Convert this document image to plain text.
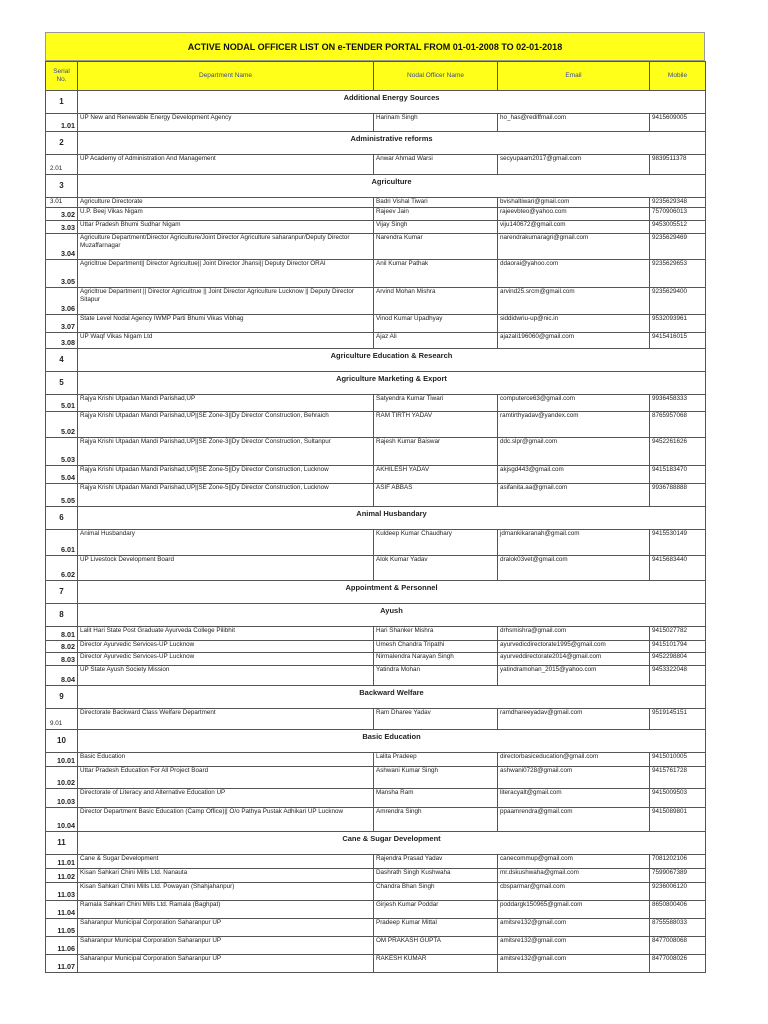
ACTIVE NODAL OFFICER LIST ON e-TENDER PORTAL FROM 01-01-2008 TO 02-01-2018
Serial No.	Department Name	Nodal Officer Name	Email	Mobile
1	Additional Energy Sources			
1.01	UP New and Renewable Energy Development Agency	Harinam Singh	ho_has@rediffmail.com	9415609005
2	Administrative reforms			
2.01	UP Academy of Administration And Management	Anwar Ahmad Warsi	secyupaam2017@gmail.com	9839511378
3	Agriculture			
3.01	Agriculture Directorate	Badri Vishal Tiwari	bvishaltiwari@gmail.com	9235629348
3.02	U.P. Beej Vikas Nigam	Rajeev Jain	rajeevbteo@yahoo.com	7570906013
3.03	Uttar Pradesh Bhumi Sudhar Nigam	Vijay Singh	viju140672@gmail.com	9453005512
3.04	Agriculture Department/Director Agriculture/Joint Director Agriculture saharanpur/Deputy Director Muzaffarnagar	Narendra Kumar	narendrakumaragri@gmail.com	9235629469
3.05	Agricltrue Department|| Director Agricultue|| Joint Director Jhansi|| Deputy Director ORAI	Anil Kumar Pathak	ddaorai@yahoo.com	9235629653
3.06	Agricltrue Department || Director Agricultrue || Joint Director Agriculture Lucknow || Deputy Director Sitapur	Arvind Mohan Mishra	arvind25.srcm@gmail.com	9235629400
3.07	State Level Nodal Agency IWMP Parti Bhumi Vikas Vibhag	Vinod Kumar Upadhyay	siddidwriu-up@nic.in	9532093961
3.08	UP Waqf Vikas Nigam Ltd	Ajaz Ali	ajazali196060@gmail.com	9415416015
4	Agriculture Education & Research			
5	Agriculture Marketing & Export			
5.01	Rajya Krishi Utpadan Mandi Parishad,UP	Satyendra Kumar Tiwari	computerce63@gmail.com	9936458333
5.02	Rajya Krishi Utpadan Mandi Parishad,UP||SE Zone-3||Dy Director Construction, Behraich	RAM TIRTH YADAV	ramtirthyadav@yandex.com	8765957068
5.03	Rajya Krishi Utpadan Mandi Parishad,UP||SE Zone-3||Dy Director Construction, Sultanpur	Rajesh Kumar Baiswar	ddc.slpr@gmail.com	9452261626
5.04	Rajya Krishi Utpadan Mandi Parishad,UP||SE Zone-5||Dy Director Construction, Lucknow	AKHILESH YADAV	akjsgd443@gmail.com	9415183470
5.05	Rajya Krishi Utpadan Mandi Parishad,UP||SE Zone-5||Dy Director Construction, Lucknow	ASIF ABBAS	asifanita.aa@gmail.com	9936788888
6	Animal Husbandary			
6.01	Animal Husbandary	Kuldeep Kumar Chaudhary	jdmankikaranah@gmail.com	9415530149
6.02	UP Livestock Development Board	Alok Kumar Yadav	dralok03vet@gmail.com	9415683440
7	Appointment & Personnel			
8	Ayush			
8.01	Lalit Hari State Post Graduate Ayurveda College Pilibhit	Hari Shanker Mishra	drhsmishra@gmail.com	9415027782
8.02	Director Ayurvedic Services-UP Lucknow	Umesh Chandra Tripathi	ayurvedicdirectorate1995@gmail.com	9415101794
8.03	Director Ayurvedic Services-UP Lucknow	Nirmalendra Narayan Singh	ayurveddirectorate2014@gmail.com	9452298804
8.04	UP State Ayush Society Mission	Yatindra Mohan	yatindramohan_2015@yahoo.com	9453322048
9	Backward Welfare			
9.01	Directorate Backward Class Welfare Department	Ram Dharee Yadav	ramdhareeyadav@gmail.com	9519145151
10	Basic Education			
10.01	Basic Education	Lalita Pradeep	directorbasiceducation@gmail.com	9415010005
10.02	Uttar Pradesh Education For All Project Board	Ashwani Kumar Singh	ashwani0728@gmail.com	9415761728
10.03	Directorate of Literacy and Alternative Education UP	Mansha Ram	literacyalt@gmail.com	9415009503
10.04	Director Department Basic Education (Camp Office)|| O/o Pathya Pustak Adhikari UP Lucknow	Amrendra Singh	ppaamrendra@gmail.com	9415089801
11	Cane & Sugar Development			
11.01	Cane & Sugar Development	Rajendra Prasad Yadav	canecommup@gmail.com	7081202106
11.02	Kisan Sahkari Chini Mills Ltd. Nanauta	Dashrath Singh Kushwaha	mr.dskushwaha@gmail.com	7599067389
11.03	Kisan Sahkari Chini Mills Ltd. Powayan (Shahjahanpur)	Chandra Bhan Singh	cbsparmar@gmail.com	9236006120
11.04	Ramala Sahkari Chini Mills Ltd. Ramala (Baghpat)	Girjesh Kumar Poddar	poddargk150965@gmail.com	8650800406
11.05	Saharanpur Municipal Corporation Saharanpur UP	Pradeep Kumar Mittal	amitsre132@gmail.com	8755588033
11.06	Saharanpur Municipal Corporation Saharanpur UP	OM PRAKASH GUPTA	amitsre132@gmail.com	8477008068
11.07	Saharanpur Municipal Corporation Saharanpur UP	RAKESH KUMAR	amitsre132@gmail.com	8477008026
